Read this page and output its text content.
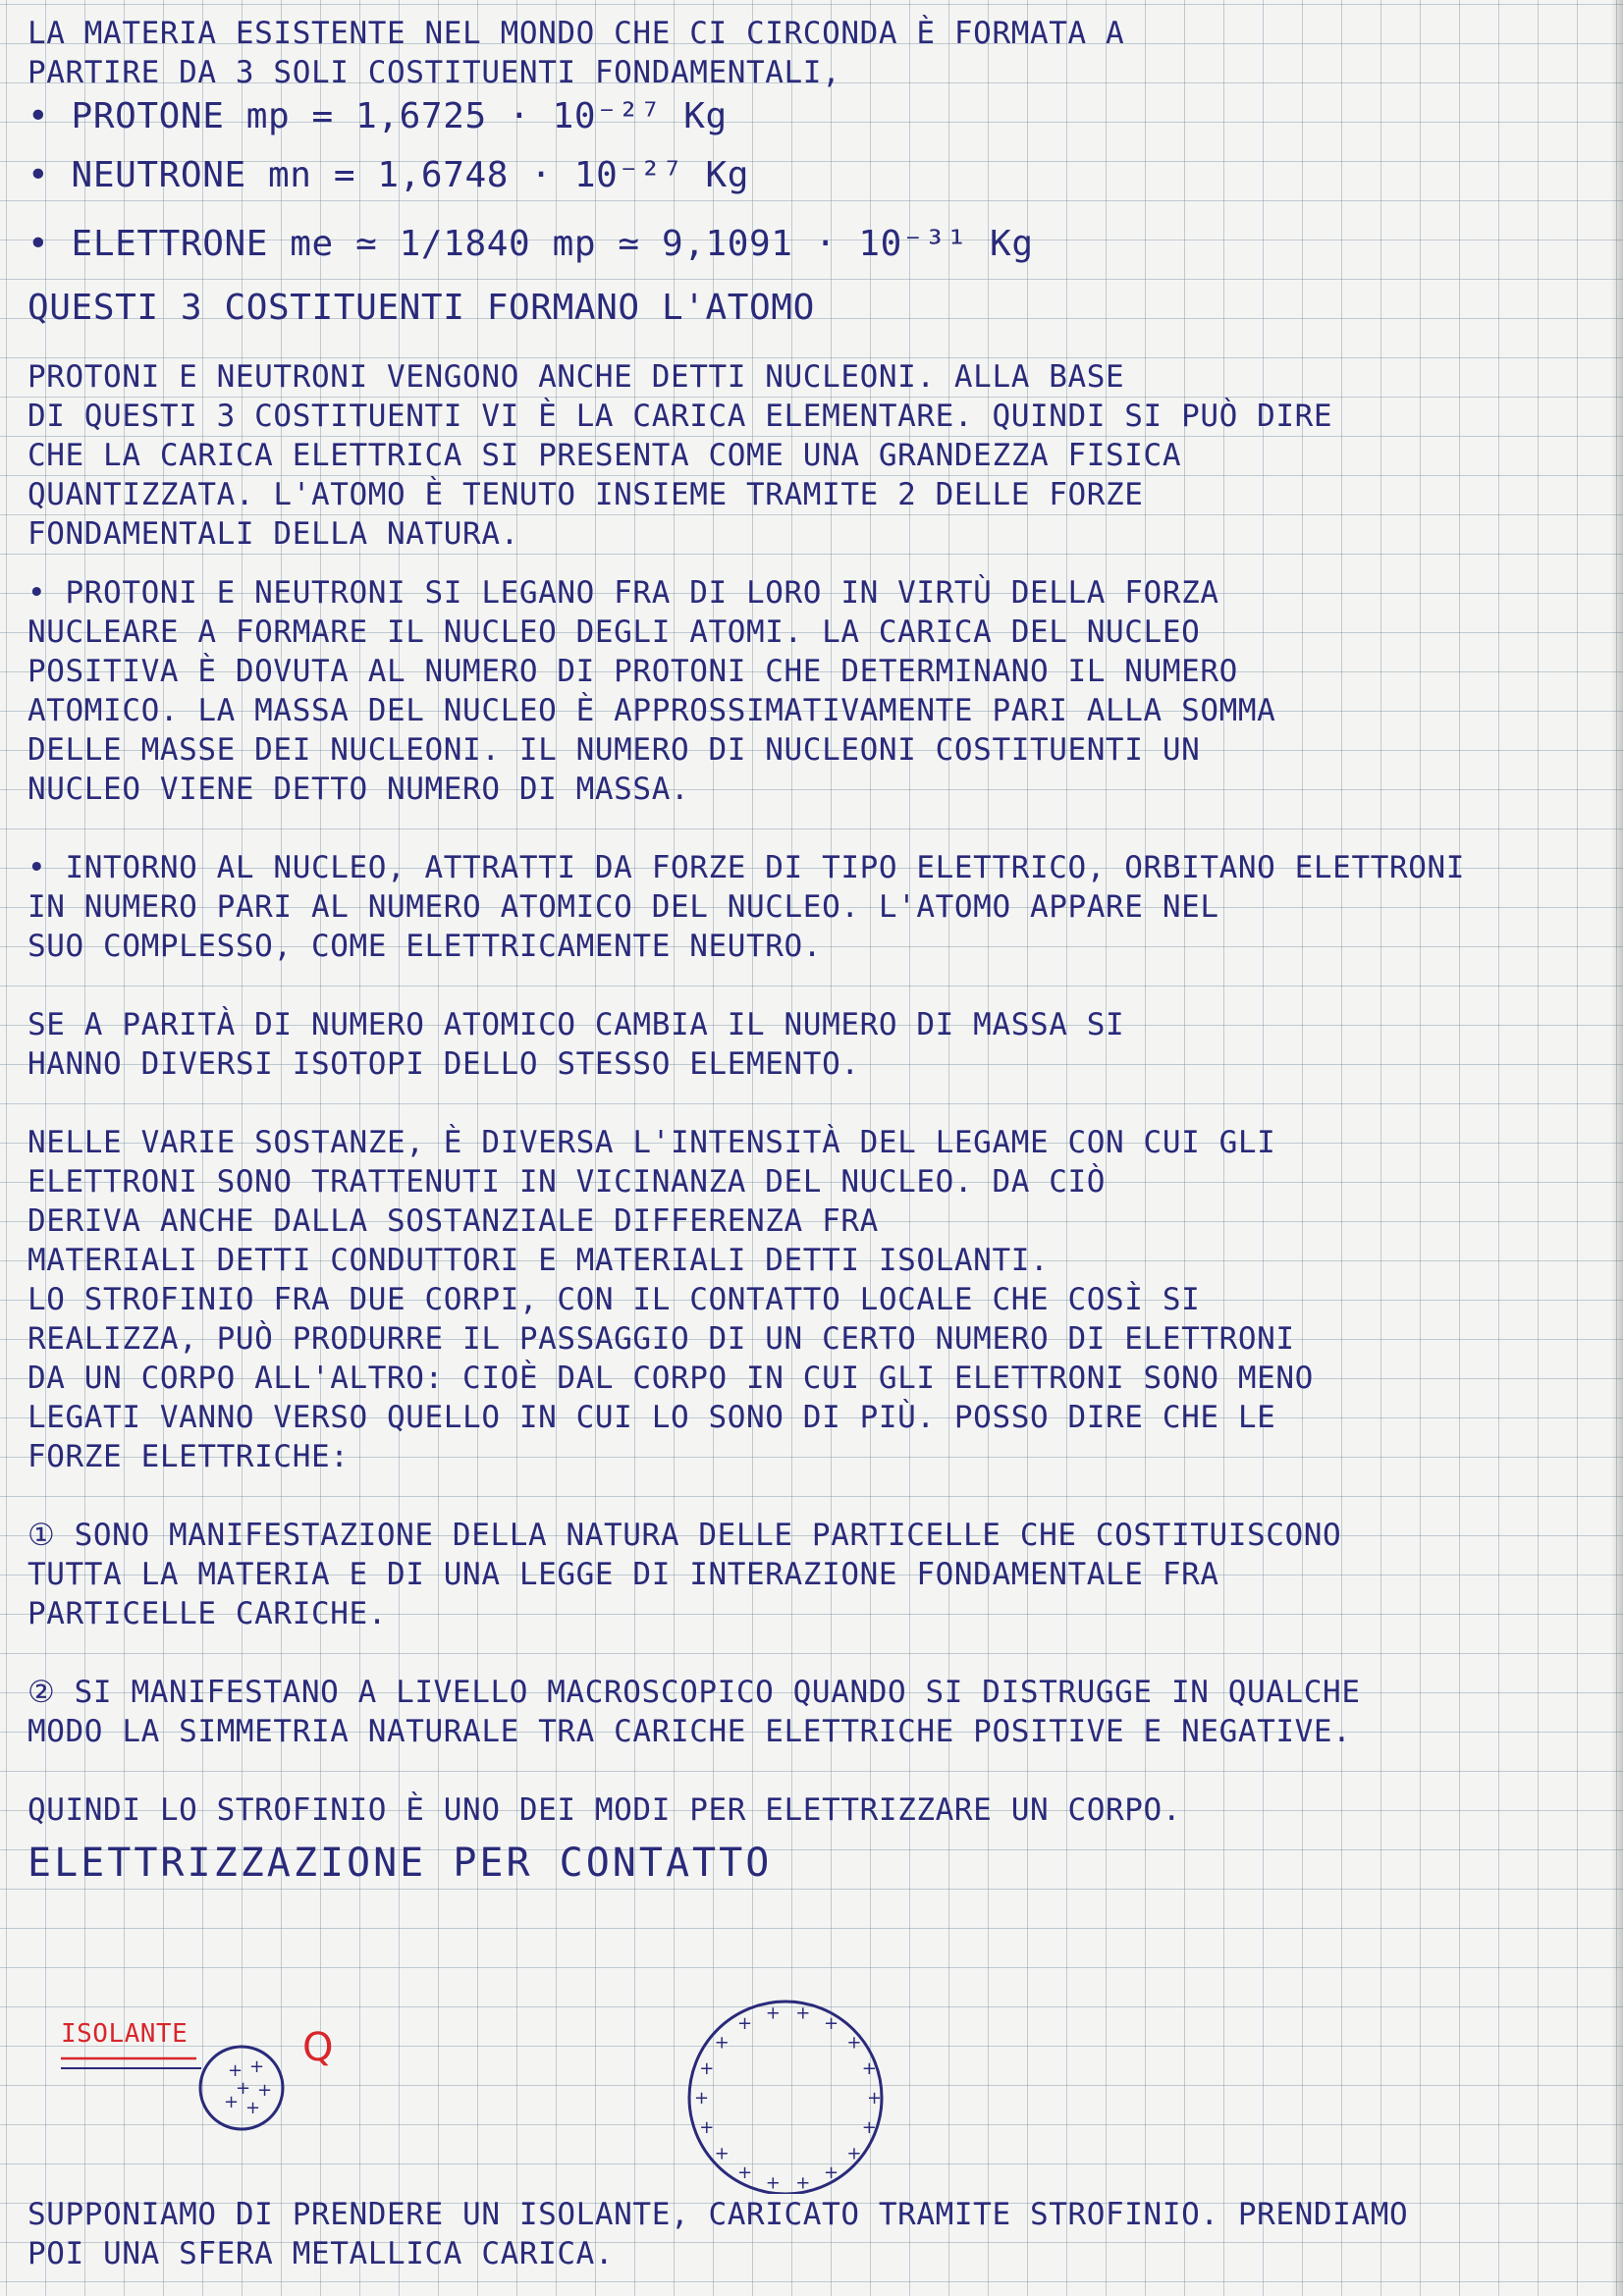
LA MATERIA ESISTENTE NEL MONDO CHE CI CIRCONDA È FORMATA A
PARTIRE DA 3 SOLI COSTITUENTI FONDAMENTALI,
• PROTONE mp = 1,6725 · 10⁻²⁷ Kg
• NEUTRONE mn = 1,6748 · 10⁻²⁷ Kg
• ELETTRONE me ≃ 1/1840 mp ≃ 9,1091 · 10⁻³¹ Kg
QUESTI 3 COSTITUENTI FORMANO L'ATOMO
PROTONI E NEUTRONI VENGONO ANCHE DETTI NUCLEONI. ALLA BASE
DI QUESTI 3 COSTITUENTI VI È LA CARICA ELEMENTARE. QUINDI SI PUÒ DIRE
CHE LA CARICA ELETTRICA SI PRESENTA COME UNA GRANDEZZA FISICA
QUANTIZZATA. L'ATOMO È TENUTO INSIEME TRAMITE 2 DELLE FORZE
FONDAMENTALI DELLA NATURA.
• PROTONI E NEUTRONI SI LEGANO FRA DI LORO IN VIRTÙ DELLA FORZA
NUCLEARE A FORMARE IL NUCLEO DEGLI ATOMI. LA CARICA DEL NUCLEO
POSITIVA È DOVUTA AL NUMERO DI PROTONI CHE DETERMINANO IL NUMERO
ATOMICO. LA MASSA DEL NUCLEO È APPROSSIMATIVAMENTE PARI ALLA SOMMA
DELLE MASSE DEI NUCLEONI. IL NUMERO DI NUCLEONI COSTITUENTI UN
NUCLEO VIENE DETTO NUMERO DI MASSA.
• INTORNO AL NUCLEO, ATTRATTI DA FORZE DI TIPO ELETTRICO, ORBITANO ELETTRONI
IN NUMERO PARI AL NUMERO ATOMICO DEL NUCLEO. L'ATOMO APPARE NEL
SUO COMPLESSO, COME ELETTRICAMENTE NEUTRO.
SE A PARITÀ DI NUMERO ATOMICO CAMBIA IL NUMERO DI MASSA SI
HANNO DIVERSI ISOTOPI DELLO STESSO ELEMENTO.
NELLE VARIE SOSTANZE, È DIVERSA L'INTENSITÀ DEL LEGAME CON CUI GLI
ELETTRONI SONO TRATTENUTI IN VICINANZA DEL NUCLEO. DA CIÒ
DERIVA ANCHE DALLA SOSTANZIALE DIFFERENZA FRA
MATERIALI DETTI CONDUTTORI E MATERIALI DETTI ISOLANTI.
LO STROFINIO FRA DUE CORPI, CON IL CONTATTO LOCALE CHE COSÌ SI
REALIZZA, PUÒ PRODURRE IL PASSAGGIO DI UN CERTO NUMERO DI ELETTRONI
DA UN CORPO ALL'ALTRO: CIOÈ DAL CORPO IN CUI GLI ELETTRONI SONO MENO
LEGATI VANNO VERSO QUELLO IN CUI LO SONO DI PIÙ. POSSO DIRE CHE LE
FORZE ELETTRICHE:
① SONO MANIFESTAZIONE DELLA NATURA DELLE PARTICELLE CHE COSTITUISCONO
TUTTA LA MATERIA E DI UNA LEGGE DI INTERAZIONE FONDAMENTALE FRA
PARTICELLE CARICHE.
② SI MANIFESTANO A LIVELLO MACROSCOPICO QUANDO SI DISTRUGGE IN QUALCHE
MODO LA SIMMETRIA NATURALE TRA CARICHE ELETTRICHE POSITIVE E NEGATIVE.
QUINDI LO STROFINIO È UNO DEI MODI PER ELETTRIZZARE UN CORPO.
ELETTRIZZAZIONE PER CONTATTO
+ +
+ +
+ +	+
+
+
+
+
+
+
+
+
+
+
+
+ + + +
+
+
ISOLANTE	Q
SUPPONIAMO DI PRENDERE UN ISOLANTE, CARICATO TRAMITE STROFINIO. PRENDIAMO
POI UNA SFERA METALLICA CARICA.
